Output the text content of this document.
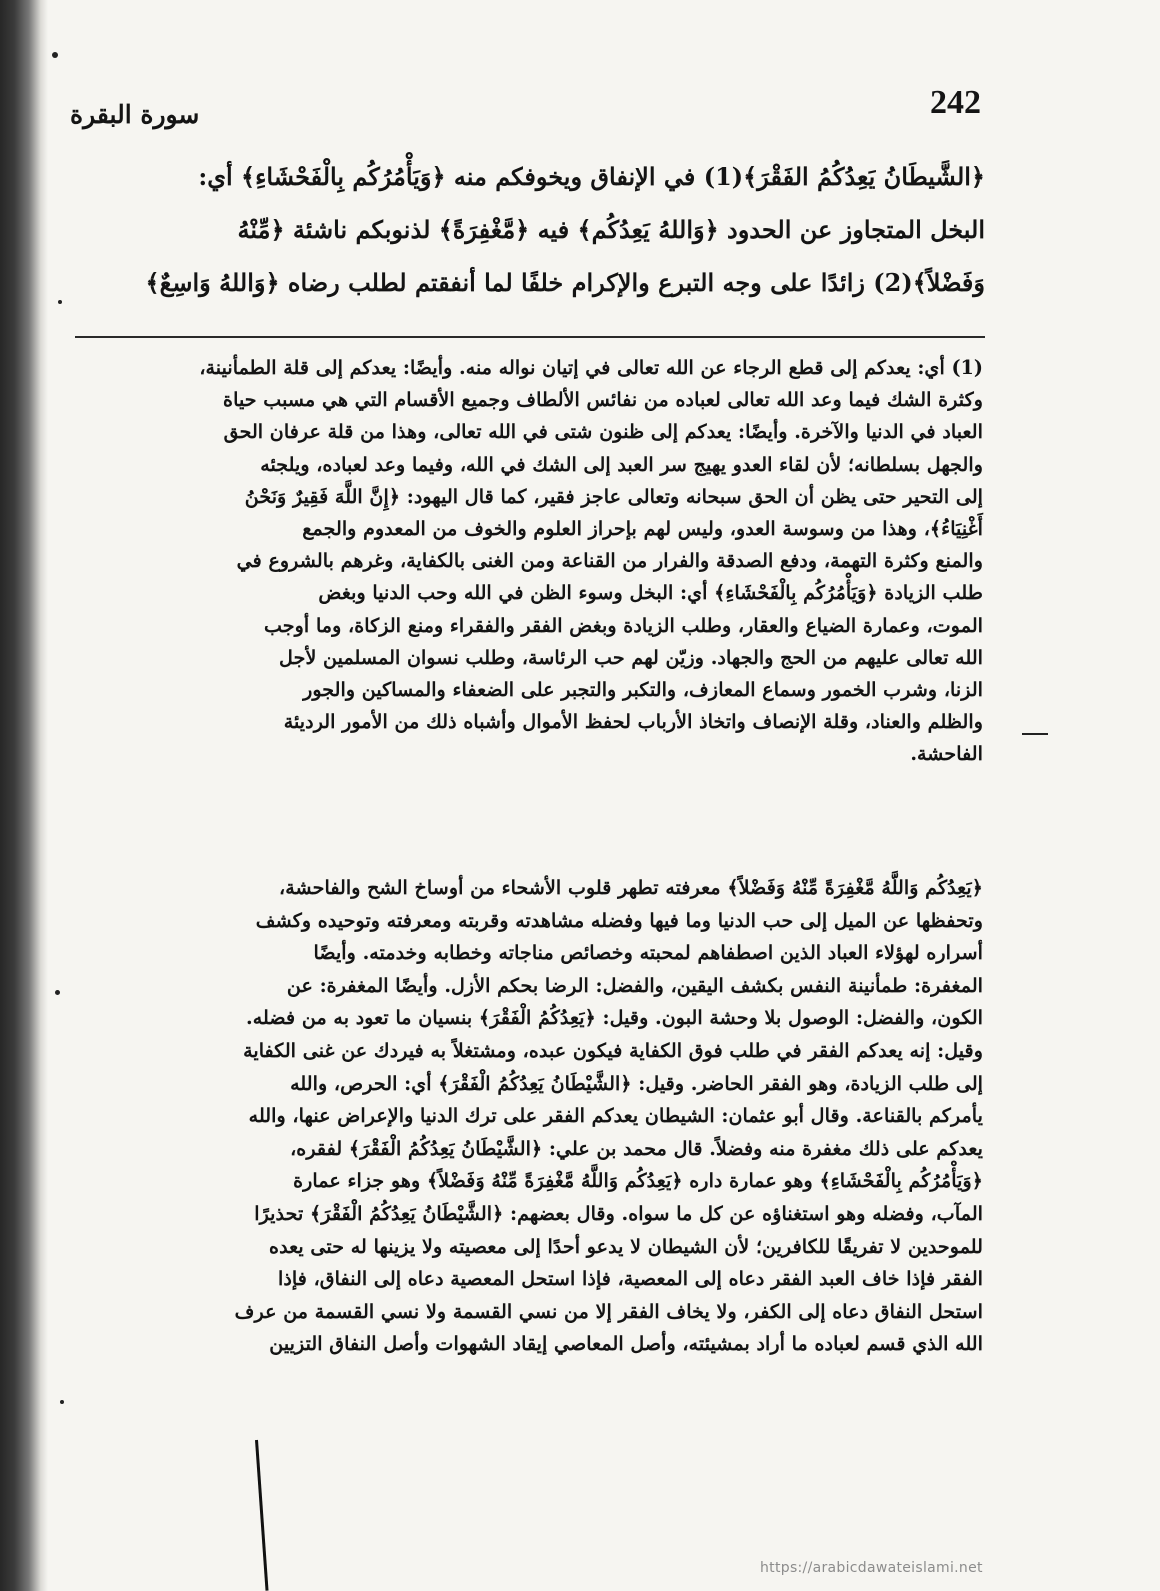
242
سورة البقرة

﴿الشَّيطَانُ يَعِدُكُمُ الفَقْرَ﴾(1) في الإنفاق ويخوفكم منه ﴿وَيَأْمُرُكُم بِالْفَحْشَاءِ﴾ أي:

البخل المتجاوز عن الحدود ﴿وَاللهُ يَعِدُكُم﴾ فيه ﴿مَّغْفِرَةً﴾ لذنوبكم ناشئة ﴿مِّنْهُ

وَفَضْلاً﴾(2) زائدًا على وجه التبرع والإكرام خلفًا لما أنفقتم لطلب رضاه ﴿وَاللهُ وَاسِعٌ﴾

(1) أي: يعدكم إلى قطع الرجاء عن الله تعالى في إتيان نواله منه. وأيضًا: يعدكم إلى قلة الطمأنينة،

وكثرة الشك فيما وعد الله تعالى لعباده من نفائس الألطاف وجميع الأقسام التي هي مسبب حياة

العباد في الدنيا والآخرة. وأيضًا: يعدكم إلى ظنون شتى في الله تعالى، وهذا من قلة عرفان الحق

والجهل بسلطانه؛ لأن لقاء العدو يهيج سر العبد إلى الشك في الله، وفيما وعد لعباده، ويلجئه

إلى التحير حتى يظن أن الحق سبحانه وتعالى عاجز فقير، كما قال اليهود: ﴿إِنَّ اللَّهَ فَقِيرٌ وَنَحْنُ

أَغْنِيَاءُ﴾، وهذا من وسوسة العدو، وليس لهم بإحراز العلوم والخوف من المعدوم والجمع

والمنع وكثرة التهمة، ودفع الصدقة والفرار من القناعة ومن الغنى بالكفاية، وغرهم بالشروع في

طلب الزيادة ﴿وَيَأْمُرُكُم بِالْفَحْشَاءِ﴾ أي: البخل وسوء الظن في الله وحب الدنيا وبغض

الموت، وعمارة الضياع والعقار، وطلب الزيادة وبغض الفقر والفقراء ومنع الزكاة، وما أوجب

الله تعالى عليهم من الحج والجهاد. وزيّن لهم حب الرئاسة، وطلب نسوان المسلمين لأجل

الزنا، وشرب الخمور وسماع المعازف، والتكبر والتجبر على الضعفاء والمساكين والجور

والظلم والعناد، وقلة الإنصاف واتخاذ الأرباب لحفظ الأموال وأشباه ذلك من الأمور الرديئة

الفاحشة.

﴿يَعِدُكُم وَاللَّهُ مَّغْفِرَةً مِّنْهُ وَفَضْلاً﴾ معرفته تطهر قلوب الأشحاء من أوساخ الشح والفاحشة،

وتحفظها عن الميل إلى حب الدنيا وما فيها وفضله مشاهدته وقربته ومعرفته وتوحيده وكشف

أسراره لهؤلاء العباد الذين اصطفاهم لمحبته وخصائص مناجاته وخطابه وخدمته. وأيضًا

المغفرة: طمأنينة النفس بكشف اليقين، والفضل: الرضا بحكم الأزل. وأيضًا المغفرة: عن

الكون، والفضل: الوصول بلا وحشة البون. وقيل: ﴿يَعِدُكُمُ الْفَقْرَ﴾ بنسيان ما تعود به من فضله.

وقيل: إنه يعدكم الفقر في طلب فوق الكفاية فيكون عبده، ومشتغلاً به فيردك عن غنى الكفاية

إلى طلب الزيادة، وهو الفقر الحاضر. وقيل: ﴿الشَّيْطَانُ يَعِدُكُمُ الْفَقْرَ﴾ أي: الحرص، والله

يأمركم بالقناعة. وقال أبو عثمان: الشيطان يعدكم الفقر على ترك الدنيا والإعراض عنها، والله

يعدكم على ذلك مغفرة منه وفضلاً. قال محمد بن علي: ﴿الشَّيْطَانُ يَعِدُكُمُ الْفَقْرَ﴾ لفقره،

﴿وَيَأْمُرُكُم بِالْفَحْشَاءِ﴾ وهو عمارة داره ﴿يَعِدُكُم وَاللَّهُ مَّغْفِرَةً مِّنْهُ وَفَضْلاً﴾ وهو جزاء عمارة

المآب، وفضله وهو استغناؤه عن كل ما سواه. وقال بعضهم: ﴿الشَّيْطَانُ يَعِدُكُمُ الْفَقْرَ﴾ تحذيرًا

للموحدين لا تفريقًا للكافرين؛ لأن الشيطان لا يدعو أحدًا إلى معصيته ولا يزينها له حتى يعده

الفقر فإذا خاف العبد الفقر دعاه إلى المعصية، فإذا استحل المعصية دعاه إلى النفاق، فإذا

استحل النفاق دعاه إلى الكفر، ولا يخاف الفقر إلا من نسي القسمة ولا نسي القسمة من عرف

الله الذي قسم لعباده ما أراد بمشيئته، وأصل المعاصي إيقاد الشهوات وأصل النفاق التزيين

https://arabicdawateislami.net
